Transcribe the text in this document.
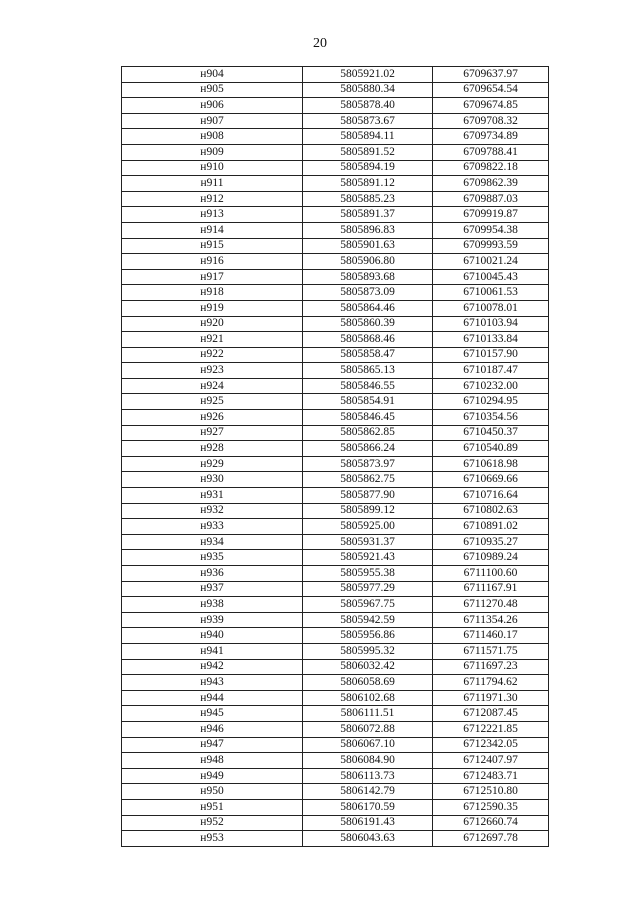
20
н904	5805921.02	6709637.97
н905	5805880.34	6709654.54
н906	5805878.40	6709674.85
н907	5805873.67	6709708.32
н908	5805894.11	6709734.89
н909	5805891.52	6709788.41
н910	5805894.19	6709822.18
н911	5805891.12	6709862.39
н912	5805885.23	6709887.03
н913	5805891.37	6709919.87
н914	5805896.83	6709954.38
н915	5805901.63	6709993.59
н916	5805906.80	6710021.24
н917	5805893.68	6710045.43
н918	5805873.09	6710061.53
н919	5805864.46	6710078.01
н920	5805860.39	6710103.94
н921	5805868.46	6710133.84
н922	5805858.47	6710157.90
н923	5805865.13	6710187.47
н924	5805846.55	6710232.00
н925	5805854.91	6710294.95
н926	5805846.45	6710354.56
н927	5805862.85	6710450.37
н928	5805866.24	6710540.89
н929	5805873.97	6710618.98
н930	5805862.75	6710669.66
н931	5805877.90	6710716.64
н932	5805899.12	6710802.63
н933	5805925.00	6710891.02
н934	5805931.37	6710935.27
н935	5805921.43	6710989.24
н936	5805955.38	6711100.60
н937	5805977.29	6711167.91
н938	5805967.75	6711270.48
н939	5805942.59	6711354.26
н940	5805956.86	6711460.17
н941	5805995.32	6711571.75
н942	5806032.42	6711697.23
н943	5806058.69	6711794.62
н944	5806102.68	6711971.30
н945	5806111.51	6712087.45
н946	5806072.88	6712221.85
н947	5806067.10	6712342.05
н948	5806084.90	6712407.97
н949	5806113.73	6712483.71
н950	5806142.79	6712510.80
н951	5806170.59	6712590.35
н952	5806191.43	6712660.74
н953	5806043.63	6712697.78
